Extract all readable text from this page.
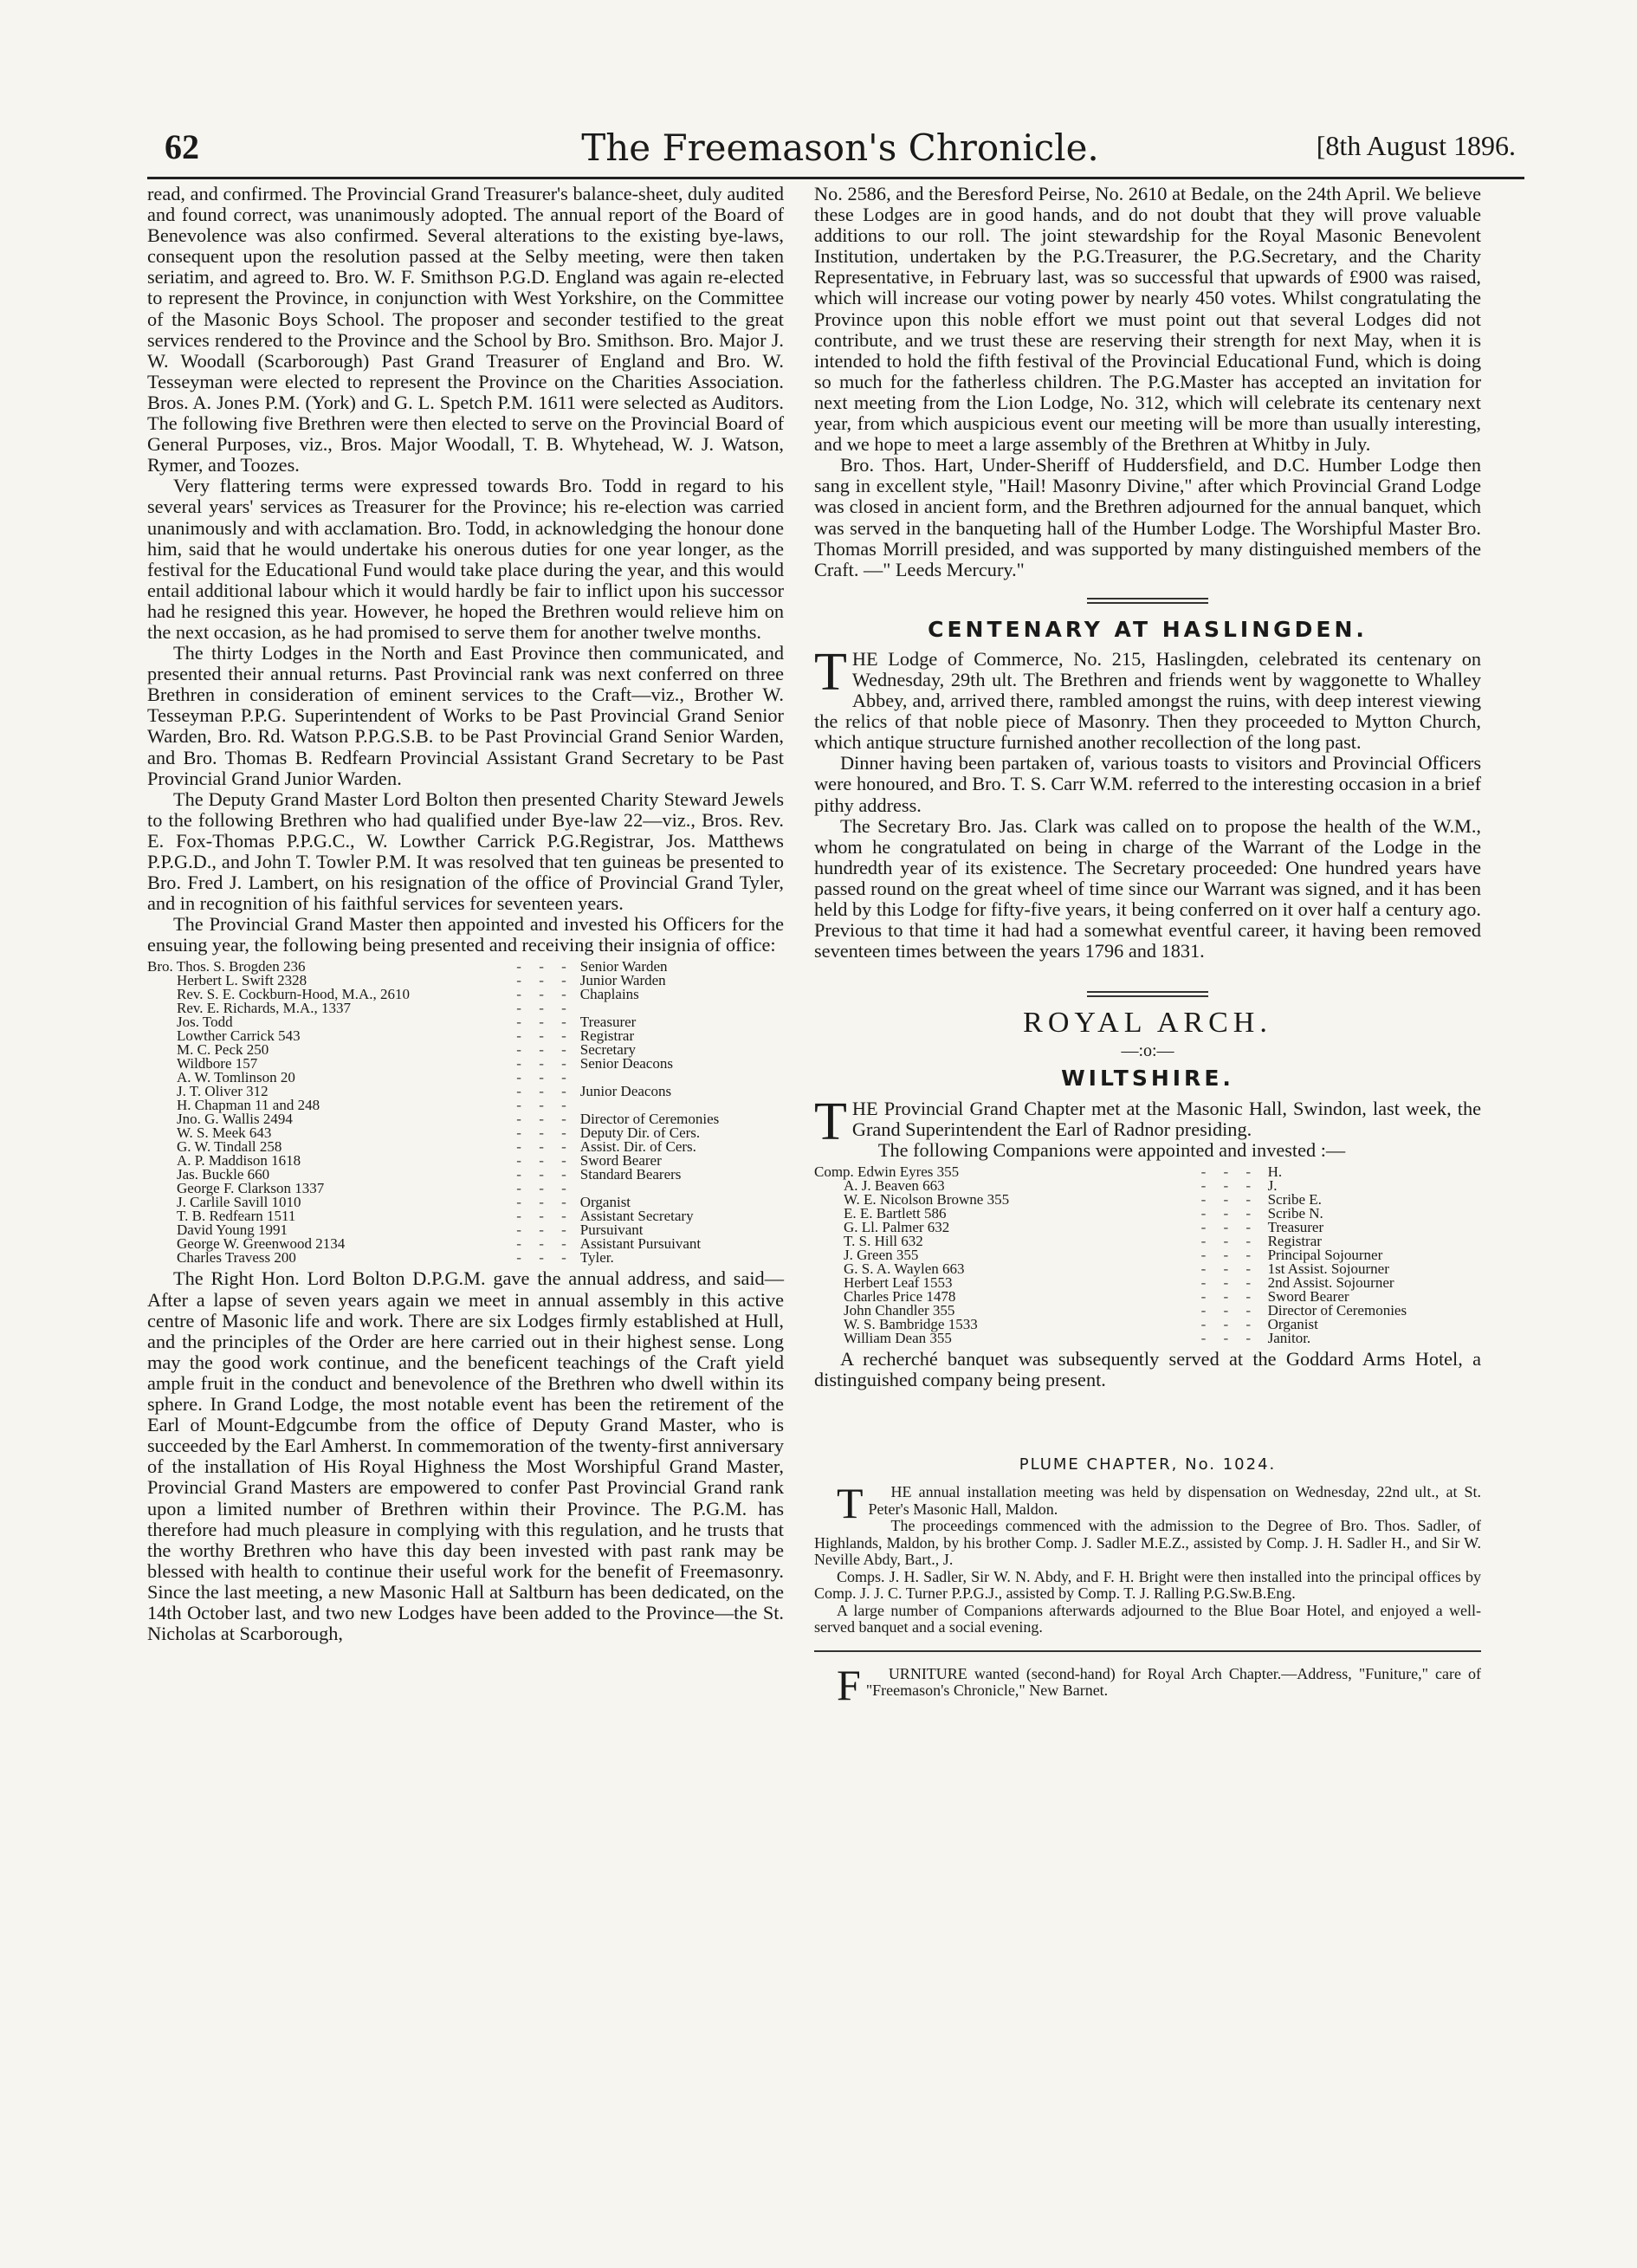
62	The Freemason's Chronicle.	[8th August 1896.

read, and confirmed. The Provincial Grand Treasurer's balance-sheet, duly audited and found correct, was unanimously adopted. The annual report of the Board of Benevolence was also confirmed. Several alterations to the existing bye-laws, consequent upon the resolution passed at the Selby meeting, were then taken seriatim, and agreed to. Bro. W. F. Smithson P.G.D. England was again re-elected to represent the Province, in conjunction with West Yorkshire, on the Committee of the Masonic Boys School. The proposer and seconder testified to the great services rendered to the Province and the School by Bro. Smithson. Bro. Major J. W. Woodall (Scarborough) Past Grand Treasurer of England and Bro. W. Tesseyman were elected to represent the Province on the Charities Association. Bros. A. Jones P.M. (York) and G. L. Spetch P.M. 1611 were selected as Auditors. The following five Brethren were then elected to serve on the Provincial Board of General Purposes, viz., Bros. Major Woodall, T. B. Whytehead, W. J. Watson, Rymer, and Toozes.

Very flattering terms were expressed towards Bro. Todd in regard to his several years' services as Treasurer for the Province; his re-election was carried unanimously and with acclamation. Bro. Todd, in acknowledging the honour done him, said that he would undertake his onerous duties for one year longer, as the festival for the Educational Fund would take place during the year, and this would entail additional labour which it would hardly be fair to inflict upon his successor had he resigned this year. However, he hoped the Brethren would relieve him on the next occasion, as he had promised to serve them for another twelve months.

The thirty Lodges in the North and East Province then communicated, and presented their annual returns. Past Provincial rank was next conferred on three Brethren in consideration of eminent services to the Craft—viz., Brother W. Tesseyman P.P.G. Superintendent of Works to be Past Provincial Grand Senior Warden, Bro. Rd. Watson P.P.G.S.B. to be Past Provincial Grand Senior Warden, and Bro. Thomas B. Redfearn Provincial Assistant Grand Secretary to be Past Provincial Grand Junior Warden.

The Deputy Grand Master Lord Bolton then presented Charity Steward Jewels to the following Brethren who had qualified under Bye-law 22—viz., Bros. Rev. E. Fox-Thomas P.P.G.C., W. Lowther Carrick P.G.Registrar, Jos. Matthews P.P.G.D., and John T. Towler P.M. It was resolved that ten guineas be presented to Bro. Fred J. Lambert, on his resignation of the office of Provincial Grand Tyler, and in recognition of his faithful services for seventeen years.

The Provincial Grand Master then appointed and invested his Officers for the ensuing year, the following being presented and receiving their insignia of office:

Bro. Thos. S. Brogden 236	- - -	Senior Warden
Herbert L. Swift 2328	- - -	Junior Warden
Rev. S. E. Cockburn-Hood, M.A., 2610	- - -	Chaplains
Rev. E. Richards, M.A., 1337	- - -	
Jos. Todd	- - -	Treasurer
Lowther Carrick 543	- - -	Registrar
M. C. Peck 250	- - -	Secretary
Wildbore 157	- - -	Senior Deacons
A. W. Tomlinson 20	- - -	
J. T. Oliver 312	- - -	Junior Deacons
H. Chapman 11 and 248	- - -	
Jno. G. Wallis 2494	- - -	Director of Ceremonies
W. S. Meek 643	- - -	Deputy Dir. of Cers.
G. W. Tindall 258	- - -	Assist. Dir. of Cers.
A. P. Maddison 1618	- - -	Sword Bearer
Jas. Buckle 660	- - -	Standard Bearers
George F. Clarkson 1337	- - -	
J. Carlile Savill 1010	- - -	Organist
T. B. Redfearn 1511	- - -	Assistant Secretary
David Young 1991	- - -	Pursuivant
George W. Greenwood 2134	- - -	Assistant Pursuivant
Charles Travess 200	- - -	Tyler.

The Right Hon. Lord Bolton D.P.G.M. gave the annual address, and said—After a lapse of seven years again we meet in annual assembly in this active centre of Masonic life and work. There are six Lodges firmly established at Hull, and the principles of the Order are here carried out in their highest sense. Long may the good work continue, and the beneficent teachings of the Craft yield ample fruit in the conduct and benevolence of the Brethren who dwell within its sphere. In Grand Lodge, the most notable event has been the retirement of the Earl of Mount-Edgcumbe from the office of Deputy Grand Master, who is succeeded by the Earl Amherst. In commemoration of the twenty-first anniversary of the installation of His Royal Highness the Most Worshipful Grand Master, Provincial Grand Masters are empowered to confer Past Provincial Grand rank upon a limited number of Brethren within their Province. The P.G.M. has therefore had much pleasure in complying with this regulation, and he trusts that the worthy Brethren who have this day been invested with past rank may be blessed with health to continue their useful work for the benefit of Freemasonry. Since the last meeting, a new Masonic Hall at Saltburn has been dedicated, on the 14th October last, and two new Lodges have been added to the Province—the St. Nicholas at Scarborough,

No. 2586, and the Beresford Peirse, No. 2610 at Bedale, on the 24th April. We believe these Lodges are in good hands, and do not doubt that they will prove valuable additions to our roll. The joint stewardship for the Royal Masonic Benevolent Institution, undertaken by the P.G.Treasurer, the P.G.Secretary, and the Charity Representative, in February last, was so successful that upwards of £900 was raised, which will increase our voting power by nearly 450 votes. Whilst congratulating the Province upon this noble effort we must point out that several Lodges did not contribute, and we trust these are reserving their strength for next May, when it is intended to hold the fifth festival of the Provincial Educational Fund, which is doing so much for the fatherless children. The P.G.Master has accepted an invitation for next meeting from the Lion Lodge, No. 312, which will celebrate its centenary next year, from which auspicious event our meeting will be more than usually interesting, and we hope to meet a large assembly of the Brethren at Whitby in July.

Bro. Thos. Hart, Under-Sheriff of Huddersfield, and D.C. Humber Lodge then sang in excellent style, "Hail! Masonry Divine," after which Provincial Grand Lodge was closed in ancient form, and the Brethren adjourned for the annual banquet, which was served in the banqueting hall of the Humber Lodge. The Worshipful Master Bro. Thomas Morrill presided, and was supported by many distinguished members of the Craft. —" Leeds Mercury."

CENTENARY AT HASLINGDEN.

THE Lodge of Commerce, No. 215, Haslingden, celebrated its centenary on Wednesday, 29th ult. The Brethren and friends went by waggonette to Whalley Abbey, and, arrived there, rambled amongst the ruins, with deep interest viewing the relics of that noble piece of Masonry. Then they proceeded to Mytton Church, which antique structure furnished another recollection of the long past.

Dinner having been partaken of, various toasts to visitors and Provincial Officers were honoured, and Bro. T. S. Carr W.M. referred to the interesting occasion in a brief pithy address.

The Secretary Bro. Jas. Clark was called on to propose the health of the W.M., whom he congratulated on being in charge of the Warrant of the Lodge in the hundredth year of its existence. The Secretary proceeded: One hundred years have passed round on the great wheel of time since our Warrant was signed, and it has been held by this Lodge for fifty-five years, it being conferred on it over half a century ago. Previous to that time it had had a somewhat eventful career, it having been removed seventeen times between the years 1796 and 1831.

ROYAL ARCH.
—:o:—
WILTSHIRE.

THE Provincial Grand Chapter met at the Masonic Hall, Swindon, last week, the Grand Superintendent the Earl of Radnor presiding.

The following Companions were appointed and invested :—

Comp. Edwin Eyres 355	- - -	H.
A. J. Beaven 663	- - -	J.
W. E. Nicolson Browne 355	- - -	Scribe E.
E. E. Bartlett 586	- - -	Scribe N.
G. Ll. Palmer 632	- - -	Treasurer
T. S. Hill 632	- - -	Registrar
J. Green 355	- - -	Principal Sojourner
G. S. A. Waylen 663	- - -	1st Assist. Sojourner
Herbert Leaf 1553	- - -	2nd Assist. Sojourner
Charles Price 1478	- - -	Sword Bearer
John Chandler 355	- - -	Director of Ceremonies
W. S. Bambridge 1533	- - -	Organist
William Dean 355	- - -	Janitor.

A recherché banquet was subsequently served at the Goddard Arms Hotel, a distinguished company being present.

PLUME CHAPTER, No. 1024.

T	HE annual installation meeting was held by dispensation on Wednesday, 22nd ult., at St. Peter's Masonic Hall, Maldon.

The proceedings commenced with the admission to the Degree of Bro. Thos. Sadler, of Highlands, Maldon, by his brother Comp. J. Sadler M.E.Z., assisted by Comp. J. H. Sadler H., and Sir W. Neville Abdy, Bart., J.

Comps. J. H. Sadler, Sir W. N. Abdy, and F. H. Bright were then installed into the principal offices by Comp. J. J. C. Turner P.P.G.J., assisted by Comp. T. J. Ralling P.G.Sw.B.Eng.

A large number of Companions afterwards adjourned to the Blue Boar Hotel, and enjoyed a well-served banquet and a social evening.

F	URNITURE wanted (second-hand) for Royal Arch Chapter.—Address, "Funiture," care of "Freemason's Chronicle," New Barnet.
